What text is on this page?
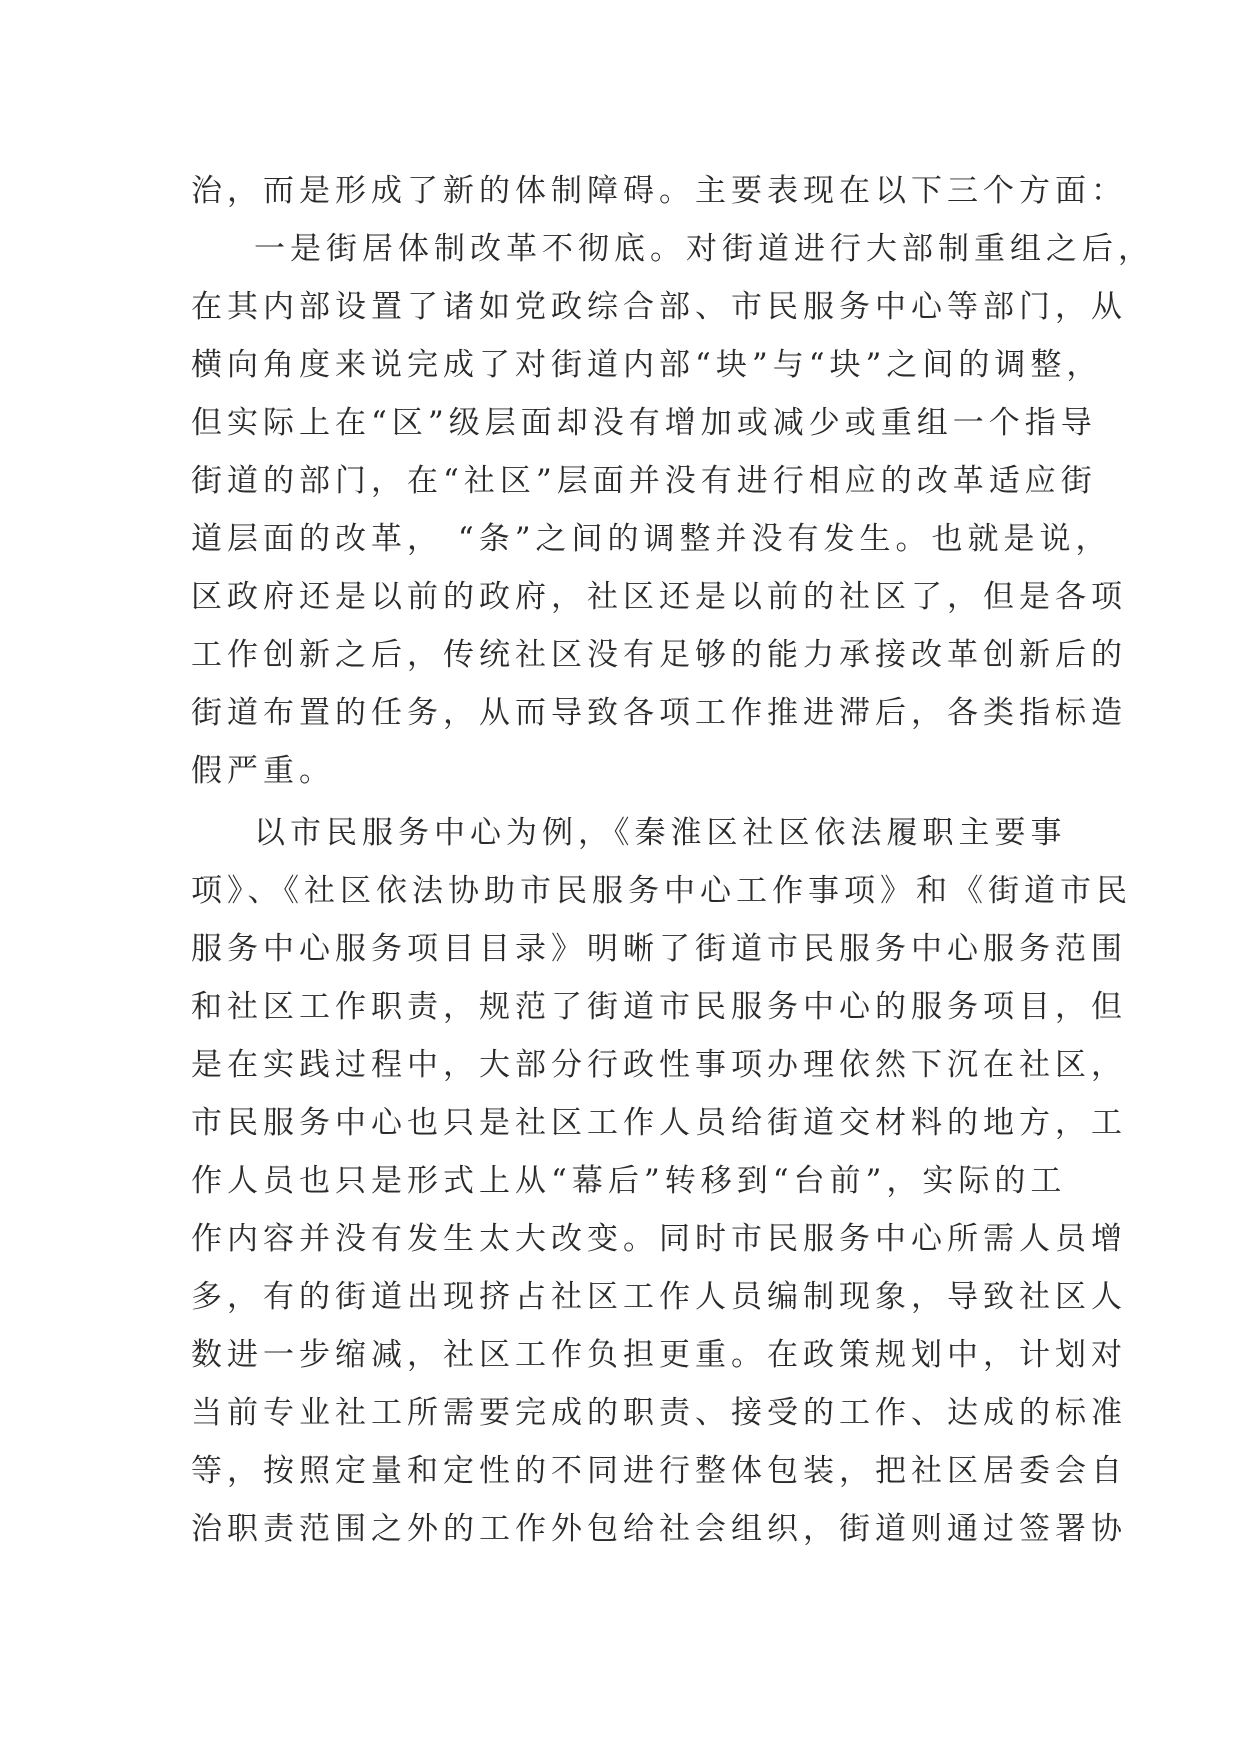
治，而是形成了新的体制障碍。主要表现在以下三个方面：
一是街居体制改革不彻底。对街道进行大部制重组之后，
在其内部设置了诸如党政综合部、市民服务中心等部门，从
横向角度来说完成了对街道内部“块”与“块”之间的调整，
但实际上在“区”级层面却没有增加或减少或重组一个指导
街道的部门，在“社区”层面并没有进行相应的改革适应街
道层面的改革， “条”之间的调整并没有发生。也就是说，
区政府还是以前的政府，社区还是以前的社区了，但是各项
工作创新之后，传统社区没有足够的能力承接改革创新后的
街道布置的任务，从而导致各项工作推进滞后，各类指标造
假严重。
以市民服务中心为例，《秦淮区社区依法履职主要事
项》、《社区依法协助市民服务中心工作事项》和《街道市民
服务中心服务项目目录》明晰了街道市民服务中心服务范围
和社区工作职责，规范了街道市民服务中心的服务项目，但
是在实践过程中，大部分行政性事项办理依然下沉在社区，
市民服务中心也只是社区工作人员给街道交材料的地方，工
作人员也只是形式上从“幕后”转移到“台前”，实际的工
作内容并没有发生太大改变。同时市民服务中心所需人员增
多，有的街道出现挤占社区工作人员编制现象，导致社区人
数进一步缩减，社区工作负担更重。在政策规划中，计划对
当前专业社工所需要完成的职责、接受的工作、达成的标准
等，按照定量和定性的不同进行整体包装，把社区居委会自
治职责范围之外的工作外包给社会组织，街道则通过签署协
